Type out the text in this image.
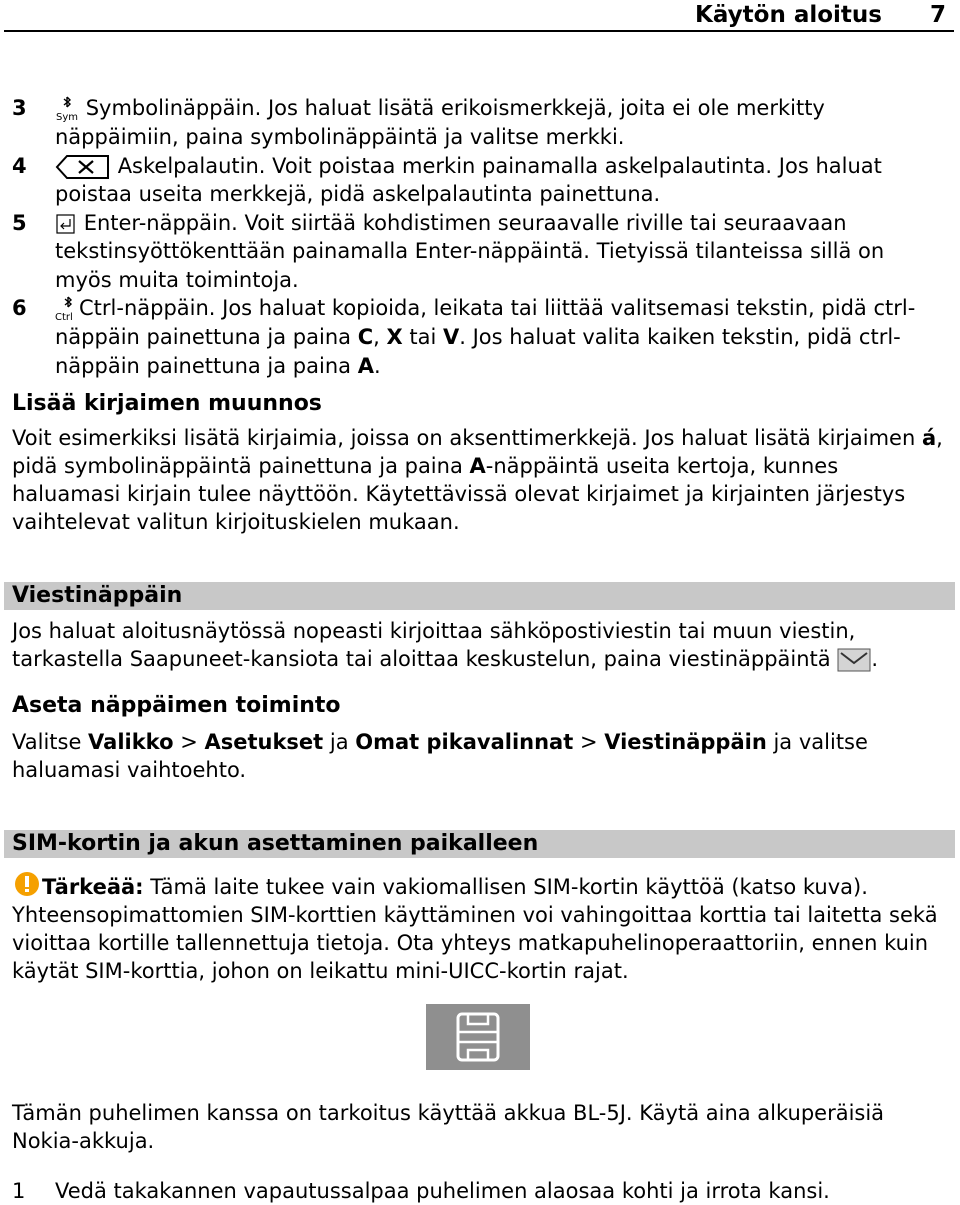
Käytön aloitus 7
3	Sym Symbolinäppäin. Jos haluat lisätä erikoismerkkejä, joita ei ole merkitty näppäimiin, paina symbolinäppäintä ja valitse merkki.
4	Askelpalautin. Voit poistaa merkin painamalla askelpalautinta. Jos haluat poistaa useita merkkejä, pidä askelpalautinta painettuna.
5	Enter-näppäin. Voit siirtää kohdistimen seuraavalle riville tai seuraavaan tekstinsyöttökenttään painamalla Enter-näppäintä. Tietyissä tilanteissa sillä on myös muita toimintoja.
6	Ctrl Ctrl-näppäin. Jos haluat kopioida, leikata tai liittää valitsemasi tekstin, pidä ctrl-näppäin painettuna ja paina C, X tai V. Jos haluat valita kaiken tekstin, pidä ctrl-näppäin painettuna ja paina A.
Lisää kirjaimen muunnos
Voit esimerkiksi lisätä kirjaimia, joissa on aksenttimerkkejä. Jos haluat lisätä kirjaimen á, pidä symbolinäppäintä painettuna ja paina A-näppäintä useita kertoja, kunnes haluamasi kirjain tulee näyttöön. Käytettävissä olevat kirjaimet ja kirjainten järjestys vaihtelevat valitun kirjoituskielen mukaan.
Viestinäppäin
Jos haluat aloitusnäytössä nopeasti kirjoittaa sähköpostiviestin tai muun viestin, tarkastella Saapuneet-kansiota tai aloittaa keskustelun, paina viestinäppäintä .
Aseta näppäimen toiminto
Valitse Valikko > Asetukset ja Omat pikavalinnat > Viestinäppäin ja valitse haluamasi vaihtoehto.
SIM-kortin ja akun asettaminen paikalleen
Tärkeää: Tämä laite tukee vain vakiomallisen SIM-kortin käyttöä (katso kuva). Yhteensopimattomien SIM-korttien käyttäminen voi vahingoittaa korttia tai laitetta sekä vioittaa kortille tallennettuja tietoja. Ota yhteys matkapuhelinoperaattoriin, ennen kuin käytät SIM-korttia, johon on leikattu mini-UICC-kortin rajat.
Tämän puhelimen kanssa on tarkoitus käyttää akkua BL-5J. Käytä aina alkuperäisiä Nokia-akkuja.
1 Vedä takakannen vapautussalpaa puhelimen alaosaa kohti ja irrota kansi.
